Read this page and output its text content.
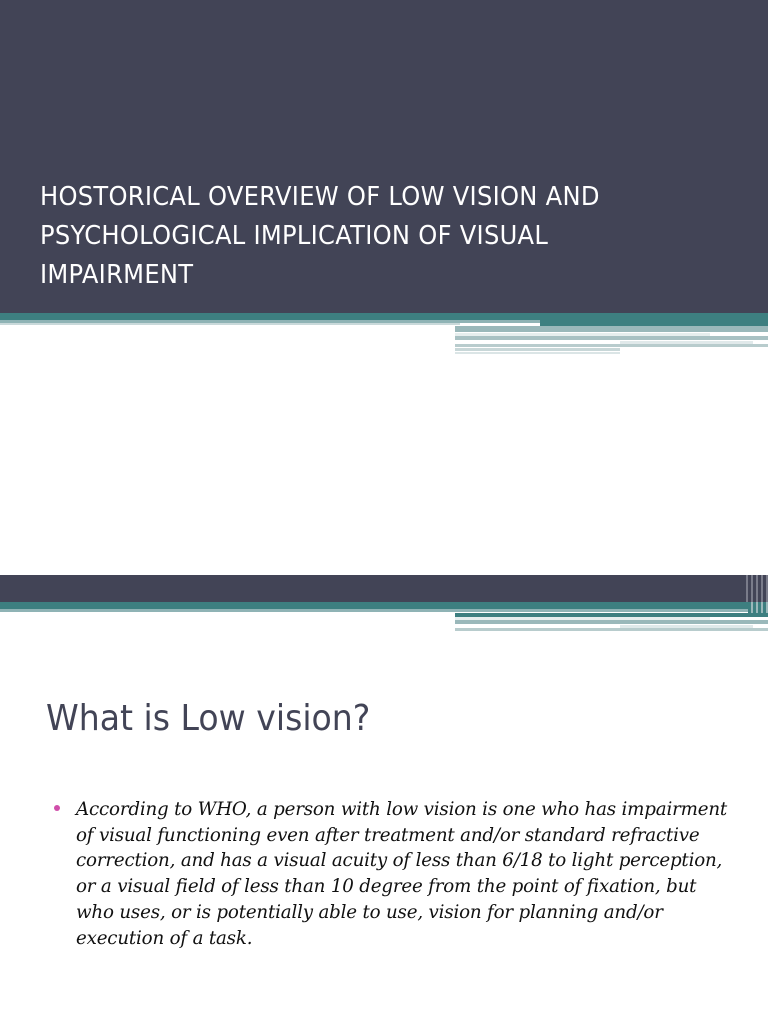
HOSTORICAL OVERVIEW OF LOW VISION AND PSYCHOLOGICAL IMPLICATION OF VISUAL IMPAIRMENT
What is Low vision?
According to WHO, a person with low vision is one who has impairment of visual functioning even after treatment and/or standard refractive correction, and has a visual acuity of less than 6/18 to light perception, or a visual field of less than 10 degree from the point of fixation, but who uses, or is potentially able to use, vision for planning and/or execution of a task.
